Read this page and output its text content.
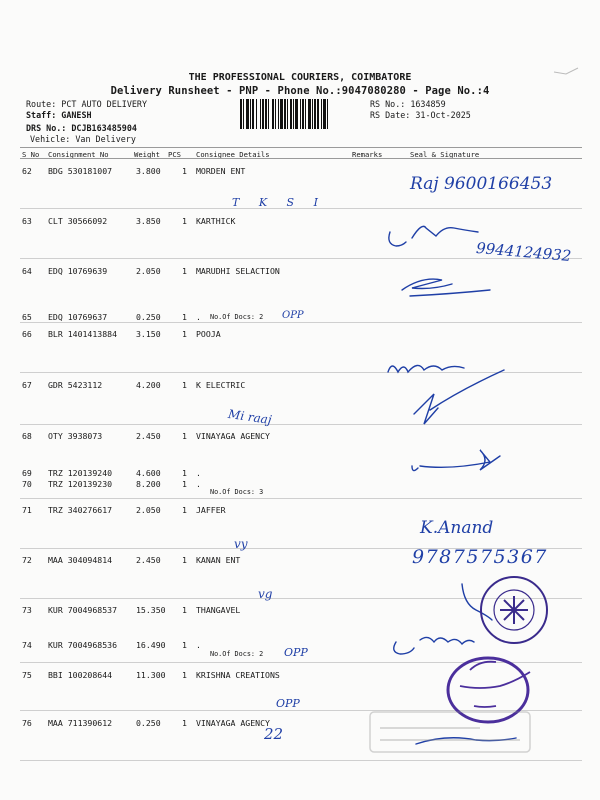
THE PROFESSIONAL COURIERS, COIMBATORE
Delivery Runsheet - PNP - Phone No.:9047080280 - Page No.:4
Route: PCT AUTO DELIVERY
Staff: GANESH
DRS No.: DCJB163485904
Vehicle: Van Delivery
RS No.: 1634859
RS Date: 31-Oct-2025
S No Consignment No	Weight PCS Consignee Details	Remarks	Seal & Signature
62 BDG 530181007	3.800	1 MORDEN ENT
63 CLT 30566092	3.850	1 KARTHICK
64 EDQ 10769639	2.050	1 MARUDHI SELACTION
65 EDQ 10769637	0.250	1 .
66 BLR 1401413884 3.150	1 POOJA
67 GDR 5423112	4.200	1 K ELECTRIC
68 OTY 3938073	2.450	1 VINAYAGA AGENCY
69 TRZ 120139240	4.600	1 .
70 TRZ 120139230	8.200	1 .
71 TRZ 340276617	2.050	1 JAFFER
72 MAA 304094814	2.450	1 KANAN ENT
73 KUR 7004968537 15.350 1 THANGAVEL
74 KUR 7004968536 16.490 1 .
75 BBI 100208644	11.300 1 KRISHNA CREATIONS
76 MAA 711390612	0.250	1 VINAYAGA AGENCY
No.Of Docs: 2
No.Of Docs: 3
No.Of Docs: 2
Raj 9600166453
T K S I
9944124932
OPP
Mi raaj
K.Anand
9787575367
vy
vg
OPP
OPP
22
